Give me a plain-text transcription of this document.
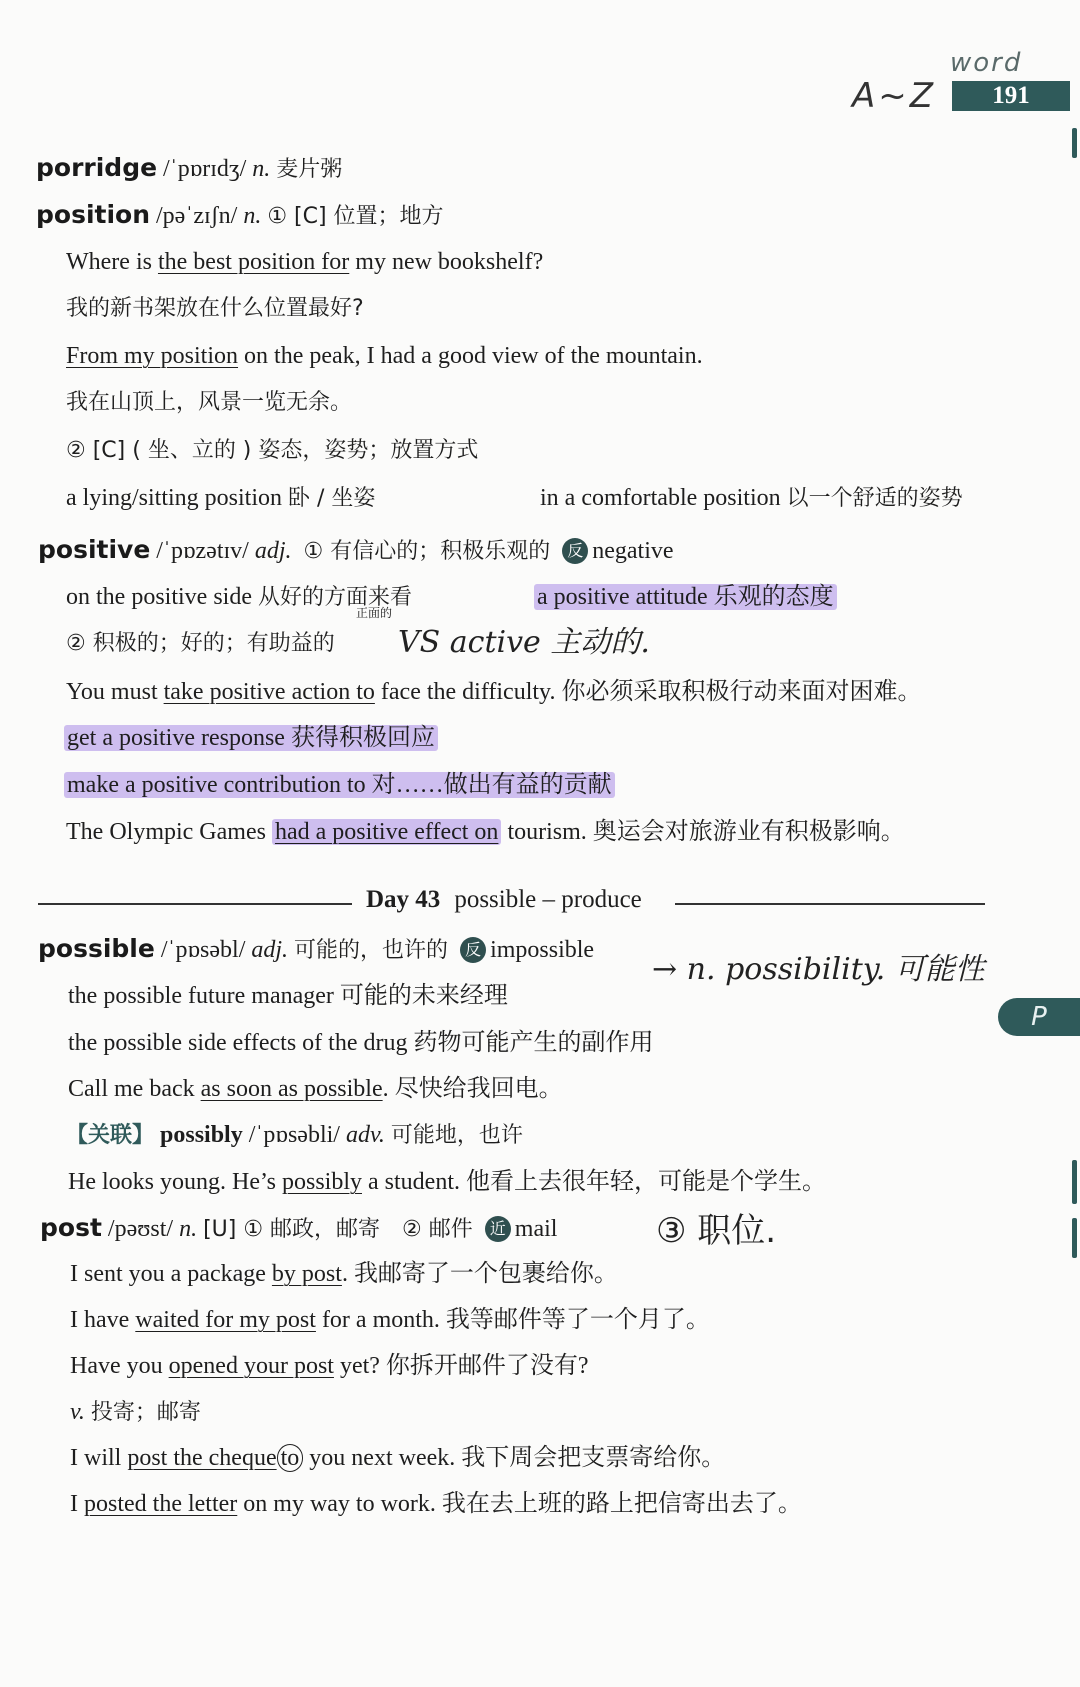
word
A~Z	191
porridge /ˈpɒrɪdʒ/ n. 麦片粥
position /pəˈzɪʃn/ n. ① [C] 位置；地方
Where is the best position for my new bookshelf?
我的新书架放在什么位置最好?
From my position on the peak, I had a good view of the mountain.
我在山顶上，风景一览无余。
② [C] ( 坐、立的 ) 姿态，姿势；放置方式
a lying/sitting position 卧 / 坐姿	in a comfortable position 以一个舒适的姿势
positive /ˈpɒzətɪv/ adj. ① 有信心的；积极乐观的 反 negative
on the positive side 从好的方面来看	a positive attitude 乐观的态度
正面的
② 积极的；好的；有助益的 VS active 主动的.
You must take positive action to face the difficulty. 你必须采取积极行动来面对困难。
get a positive response 获得积极回应
make a positive contribution to 对……做出有益的贡献
The Olympic Games had a positive effect on tourism. 奥运会对旅游业有积极影响。
Day 43 possible – produce
possible /ˈpɒsəbl/ adj. 可能的，也许的 反 impossible
→ n. possibility. 可能性
P
the possible future manager 可能的未来经理
the possible side effects of the drug 药物可能产生的副作用
Call me back as soon as possible. 尽快给我回电。
【关联】 possibly /ˈpɒsəbli/ adv. 可能地，也许
He looks young. He’s possibly a student. 他看上去很年轻，可能是个学生。
post /pəʊst/ n. [U] ① 邮政，邮寄　② 邮件 近 mail	③ 职位.
I sent you a package by post. 我邮寄了一个包裹给你。
I have waited for my post for a month. 我等邮件等了一个月了。
Have you opened your post yet? 你拆开邮件了没有?
v. 投寄；邮寄
I will post the cheque to you next week. 我下周会把支票寄给你。
I posted the letter on my way to work. 我在去上班的路上把信寄出去了。
